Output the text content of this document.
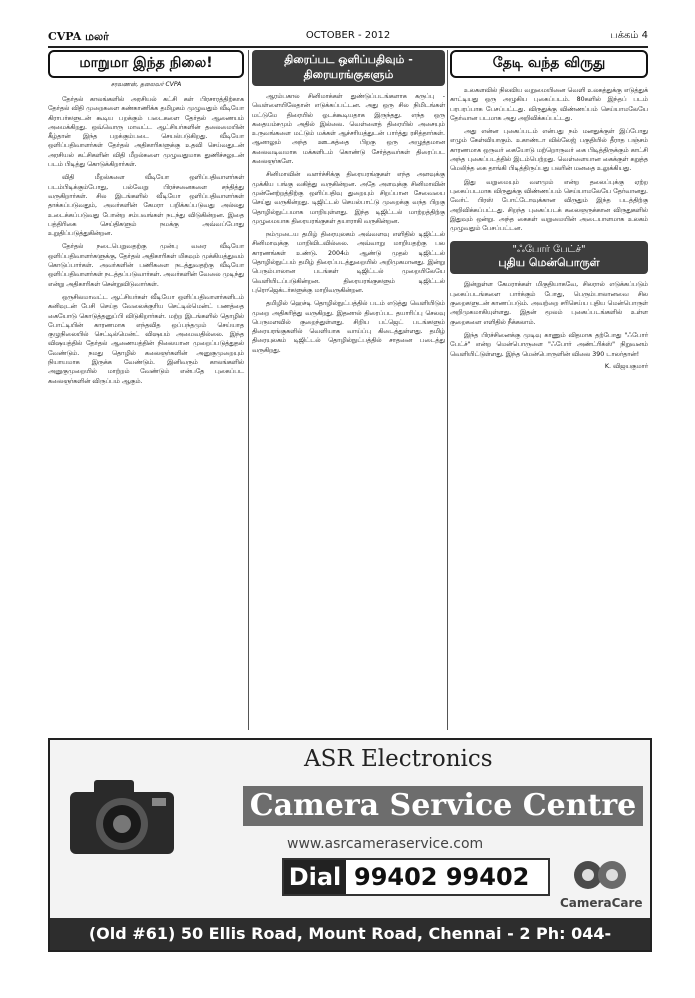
CVPA மலர்	OCTOBER - 2012	பக்கம் 4
மாறுமா இந்த நிலை!
சரவணன், தலைவர் CVPA

தேர்தல் காலங்களில் அரசியல் கட்சி கள் பிரசாரத்திற்காக தேர்தல் விதி முறைகளை கண்காணிக்க தமிழகம் முழுவதும் வீடியோ கிராபர்களுடன் கூடிய பறக்கும் படைகளை தேர்தல் ஆணையம் அமைக்கிறது. ஒவ்வொரு மாவட்ட ஆட்சியர்களின் தலைமையின் கீழ்தான் இந்த பறக்கும்படை செயல்படுகிறது. வீடியோ ஒளிப்பதிவாளர்கள் தேர்தல் அதிகாரிகளுக்கு உதவி செய்வதுடன் அரசியல் கட்சிகளின் விதி மீறல்களை முழுவதுமாக துணிச்சலுடன் படம் பிடித்து கொடுக்கிறார்கள்.

விதி மீறல்களை வீடியோ ஒளிப்பதிவாளர்கள் படம்பிடிக்கும்போது, பல்வேறு பிரச்சனைகளை சந்தித்து வருகிறார்கள். சில இடங்களில் வீடியோ ஒளிப்பதிவாளர்கள் தாக்கப்படுவதும், அவர்களின் கேமரா பறிக்கப்படுவது அல்லது உடைக்கப்படுவது போன்ற சம்பவங்கள் நடந்து விடுகின்றன. இதை பத்திரிகை செய்திகளும் நமக்கு அவ்வப்போது உறுதிப்படுத்துகின்றன.

தேர்தல் நடைபெறுவதற்கு முன்பு வரை வீடியோ ஒளிப்பதிவாளர்களுக்கு, தேர்தல் அதிகாரிகள் மிகவும் முக்கியத்துவம் கொடுப்பார்கள். அவர்களின் பணிகளை நடத்துவதற்கு வீடியோ ஒளிப்பதிவாளர்கள் நடத்தப்படுவார்கள். அவர்களின் வேலை முடிந்து என்று அதிகாரிகள் சென்றுவிடுவார்கள்.

ஒருசிலமாவட்ட ஆட்சியர்கள் வீடியோ ஒளிப்பதிவாளர்களிடம் கனிவுடன் பேசி செய்த வேலைக்குரிய செட்டில்மென்ட் பணத்தை கையோடு கொடுத்தனுப்பி விடுகிறார்கள். மற்ற இடங்களில் தொழில் போட்டியின் காரணமாக எந்தவித ஒப்பந்தமும் செய்யாத குழுநிலையில் செட்டில்மென்ட் விஷயம் அமைவதில்லை. இந்த விஷயத்தில் தேர்தல் ஆணையத்தின் நிலையான முறைப்படுத்துதல் வேண்டும். நமது தொழில் கலைஞர்களின் அனுகுமுறையும் நியாயமாக இருக்க வேண்டும். இனிவரும் காலங்களில் அனுகுமுறையில் மாற்றம் வேண்டும் என்பதே புகைப்பட கலைஞர்களின் விருப்பம் ஆகும்.

திரைப்பட ஒளிப்பதிவும் -
திரையரங்குகளும்

ஆரம்பகால சினிமாக்கள் துண்டுப்படங்களாக கருப்பு - வெள்ளையிலேதான் எடுக்கப்பட்டன. அது ஒரு சில நிமிடங்கள் மட்டுமே திரையில் ஓடக்கூடியதாக இருந்தது. எந்த ஒரு கதையம்சமும் அதில் இல்லை. வெள்ளைத் திரையில் அசையும் உருவங்களை மட்டும் மக்கள் ஆச்சரியத்துடன் பார்த்து ரசித்தார்கள். ஆனாலும் அந்த ஊடகத்தை பிறகு ஒரு அழுத்தமான கலைவடிவமாக மக்களிடம் கொண்டு சேர்த்தவர்கள் திரைப்பட கலைஞர்களே.

சினிமாவின் வளர்ச்சிக்கு திரையரங்குகள் எந்த அளவுக்கு முக்கிய பங்கு வகித்து வருகின்றன. அதே அளவுக்கு சினிமாவின் முன்னேற்றத்திற்கு ஒளிப்பதிவு துறையும் சிறப்பான சேவையை செய்து வருகின்றது. டிஜிட்டல் செயல்பாட்டு முறைக்கு வந்த பிறகு தொழில்நுட்பமாக மாறியுள்ளது. இந்த டிஜிட்டல் மாற்றத்திற்கு முழுமையாக திரையரங்குகள் தயாராகி வருகின்றன.

நம்முடைய தமிழ் திரையுலகம் அவ்வளவு எளிதில் டிஜிட்டல் சினிமாவுக்கு மாறிவிடவில்லை. அவ்வாறு மாறியதற்கு பல காரணங்கள் உண்டு. 2004ம் ஆண்டு முதல் டிஜிட்டல் தொழில்நுட்பம் தமிழ் திரைப்படத்துறையில் அறிமுகமானது. இன்று பெரும்பாலான படங்கள் டிஜிட்டல் முறையிலேயே வெளியிடப்படுகின்றன. திரையரங்குகளும் டிஜிட்டல் புரொஜெக்டர்களுக்கு மாறிவருகின்றன.

தமிழில் ஹெச்டி தொழில்நுட்பத்தில் படம் எடுத்து வெளியிடும் முறை அதிகரித்து வருகிறது. இதனால் திரைப்பட தயாரிப்பு செலவு பெருமளவில் குறைந்துள்ளது. சிறிய பட்ஜெட் படங்களும் திரையரங்குகளில் வெளியாக வாய்ப்பு கிடைத்துள்ளது. தமிழ் திரையுலகம் டிஜிட்டல் தொழில்நுட்பத்தில் சாதனை படைத்து வருகிறது.

தேடி வந்த விருது

உலகளவில் நிலவிய வறுமையினை வெளி உலகத்துக்கு எடுத்துக் காட்டியது ஒரு அழுகிய புகைப்படம். 80களில் இந்தப் படம் பரபரப்பாக பேசப்பட்டது. விருதுக்கு விண்ணப்பம் செய்யாமலேயே தேர்வான படமாக அது அறிவிக்கப்பட்டது.

அது என்ன புகைப்படம் என்பது நம் மனதுக்குள் இப்போது எழும் கேள்வியாகும். உகாண்டா வில்லேஜ் பகுதியில் தீராத பஞ்சம் காரணமாக ஒருவர் கையோடு மற்றொருவர் கை பிடித்திருக்கும் காட்சி அந்த புகைப்படத்தில் இடம்பெற்றது. வெள்ளையான கைக்குள் கறுத்த மெலிந்த கை தாங்கி பிடித்திருப்பது பலரின் மனதை உலுக்கியது.

இது வறுமையும் வளமும் என்ற தலைப்புக்கு ஏற்ற புகைப்படமாக விருதுக்கு விண்ணப்பம் செய்யாமலேயே தேர்வானது. வேர்ட் பிரஸ் போட்டோவுக்கான விருதும் இந்த படத்திற்கு அறிவிக்கப்பட்டது. சிறந்த புகைப்படக் கலைஞருக்கான விருதுகளில் இதுவும் ஒன்று. அந்த கைகள் வறுமையின் அடையாளமாக உலகம் முழுவதும் பேசப்பட்டன.

"ஃபோர் பேட்ச்"
புதிய மென்பொருள்

இன்றுள்ள கேமராக்கள் மிகுதியாகவே, சிலரால் எடுக்கப்படும் புகைப்படங்களை பார்க்கும் போது, பெரும்பாலானவை சில குறைகளுடன் காணப்படும். அவற்றை சரிசெய்ய புதிய மென்பொருள் அறிமுகமாகியுள்ளது. இதன் மூலம் புகைப்படங்களில் உள்ள குறைகளை எளிதில் நீக்கலாம்.

இந்த பிரச்சினைக்கு முடிவு காணும் விதமாக தற்போது "ஃபோர் பேட்ச்" என்ற மென்பொருளை "ஃபோர் அண்ட்ரிக்ஸ்" நிறுவனம் வெளியிட்டுள்ளது. இந்த மென்பொருளின் விலை 390 டாலர்தான்!

K. விஜயகுமார்
ASR Electronics
Camera Service Centre
www.asrcameraservice.com
Dial 99402 99402
CameraCare
(Old #61) 50 Ellis Road, Mount Road, Chennai - 2 Ph: 044-28529876
